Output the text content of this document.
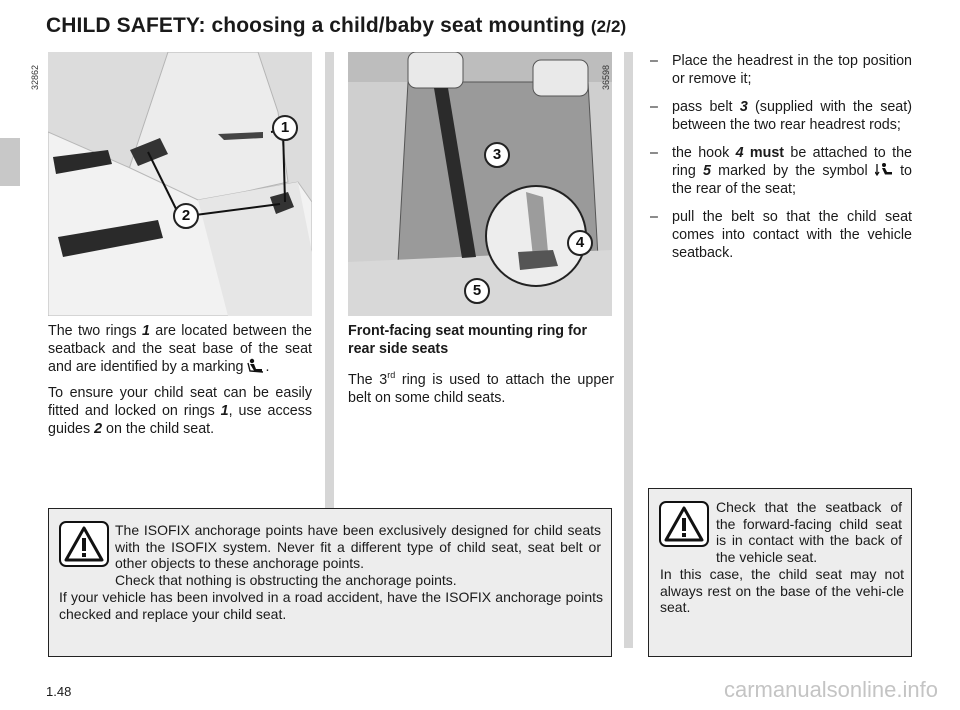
CHILD SAFETY: choosing a child/baby seat mounting (2/2)
32862
1
2
36598
3
4
5

The two rings 1 are located between the seatback and the seat base of the seat and are identified by a marking .

To ensure your child seat can be easily fitted and locked on rings 1, use access guides 2 on the child seat.

Front-facing seat mounting ring for rear side seats

The 3rd ring is used to attach the upper belt on some child seats.

– Place the headrest in the top position or remove it;
– pass belt 3 (supplied with the seat) between the two rear headrest rods;
– the hook 4 must be attached to the ring 5 marked by the symbol  to the rear of the seat;
– pull the belt so that the child seat comes into contact with the vehicle seatback.
The ISOFIX anchorage points have been exclusively designed for child seats with the ISOFIX system. Never fit a different type of child seat, seat belt or other objects to these anchorage points.
Check that nothing is obstructing the anchorage points.
If your vehicle has been involved in a road accident, have the ISOFIX anchorage points checked and replace your child seat.
Check that the seatback of the forward-facing child seat is in contact with the back of the vehicle seat.
In this case, the child seat may not always rest on the base of the vehi-cle seat.
1.48	carmanualsonline.info
